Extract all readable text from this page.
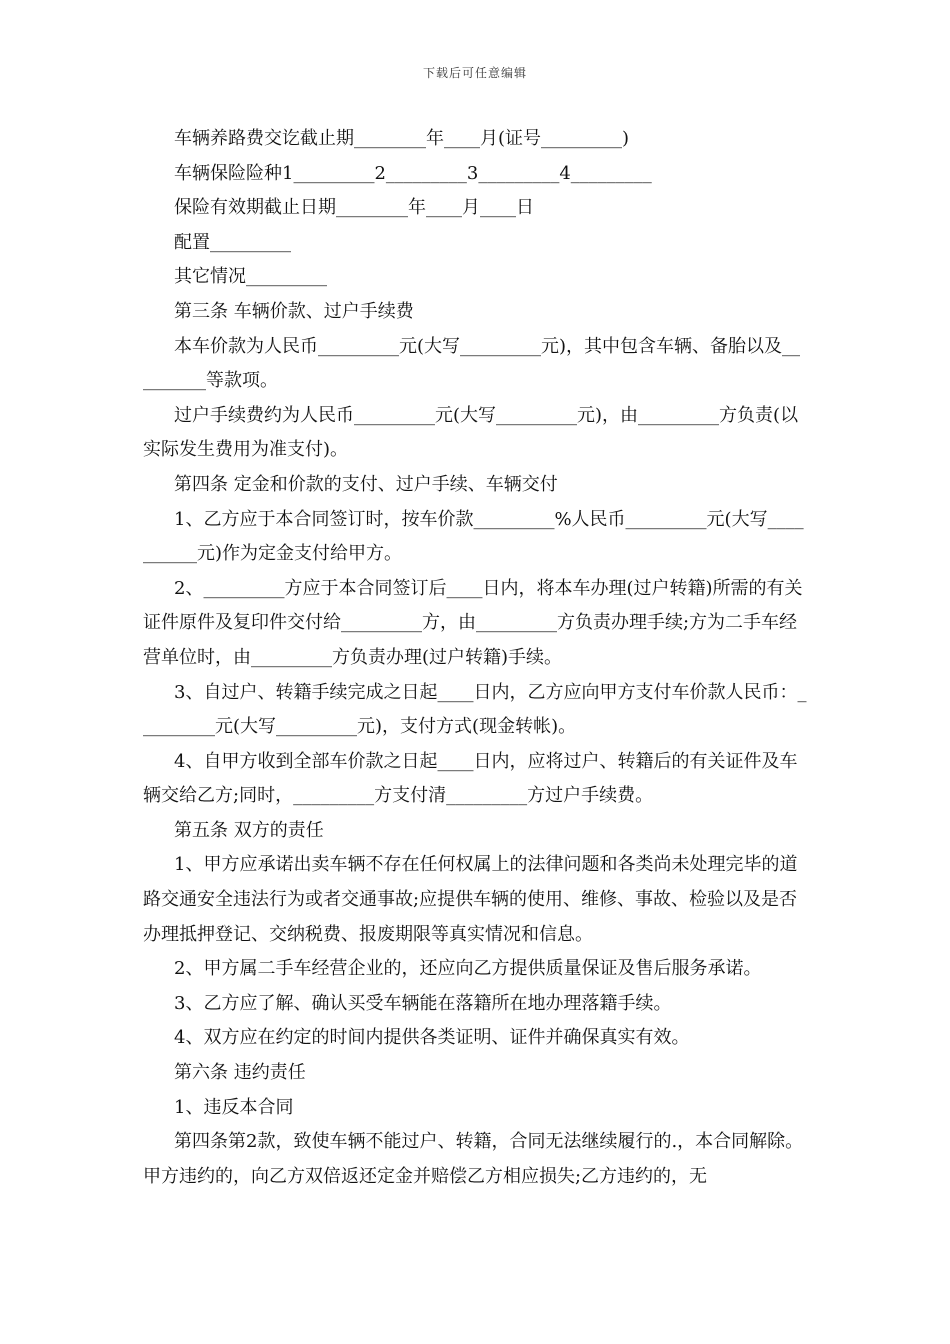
下载后可任意编辑

车辆养路费交讫截止期________年____月(证号_________)

车辆保险险种1_________2_________3_________4_________

保险有效期截止日期________年____月____日

配置_________

其它情况_________

第三条 车辆价款、过户手续费

本车价款为人民币_________元(大写_________元)，其中包含车辆、备胎以及_________等款项。

过户手续费约为人民币_________元(大写_________元)，由_________方负责(以实际发生费用为准支付)。

第四条 定金和价款的支付、过户手续、车辆交付

1、乙方应于本合同签订时，按车价款_________%人民币_________元(大写__________元)作为定金支付给甲方。

2、_________方应于本合同签订后____日内，将本车办理(过户转籍)所需的有关证件原件及复印件交付给_________方，由_________方负责办理手续;方为二手车经营单位时，由_________方负责办理(过户转籍)手续。

3、自过户、转籍手续完成之日起____日内，乙方应向甲方支付车价款人民币：_________元(大写_________元)，支付方式(现金转帐)。

4、自甲方收到全部车价款之日起____日内，应将过户、转籍后的有关证件及车辆交给乙方;同时，_________方支付清_________方过户手续费。

第五条 双方的责任

1、甲方应承诺出卖车辆不存在任何权属上的法律问题和各类尚未处理完毕的道路交通安全违法行为或者交通事故;应提供车辆的使用、维修、事故、检验以及是否办理抵押登记、交纳税费、报废期限等真实情况和信息。

2、甲方属二手车经营企业的，还应向乙方提供质量保证及售后服务承诺。

3、乙方应了解、确认买受车辆能在落籍所在地办理落籍手续。

4、双方应在约定的时间内提供各类证明、证件并确保真实有效。

第六条 违约责任

1、违反本合同

第四条第2款，致使车辆不能过户、转籍，合同无法继续履行的.，本合同解除。甲方违约的，向乙方双倍返还定金并赔偿乙方相应损失;乙方违约的，无
